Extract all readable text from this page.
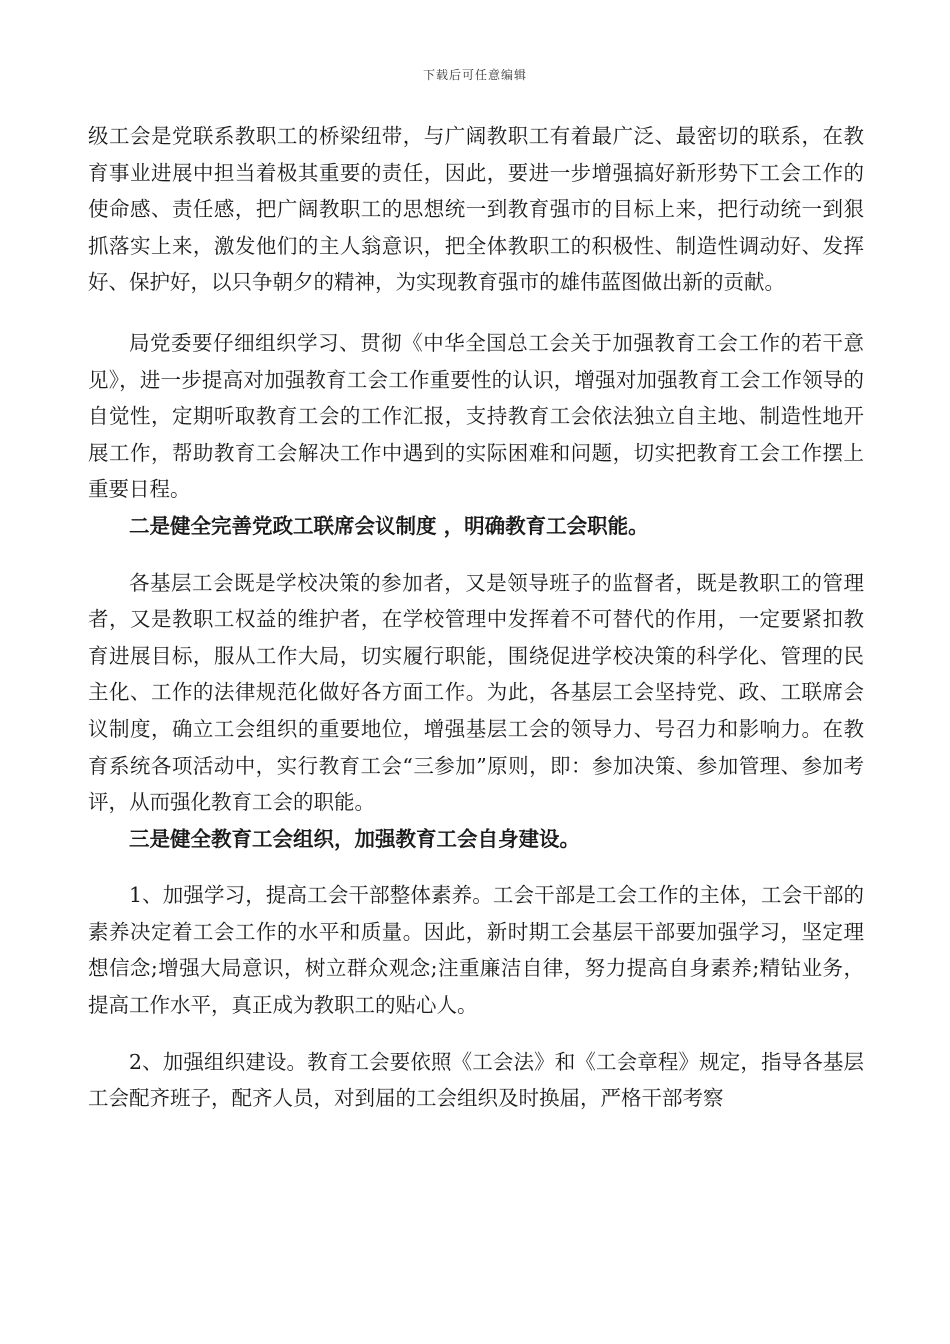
下载后可任意编辑

级工会是党联系教职工的桥梁纽带，与广阔教职工有着最广泛、最密切的联系，在教育事业进展中担当着极其重要的责任，因此，要进一步增强搞好新形势下工会工作的使命感、责任感，把广阔教职工的思想统一到教育强市的目标上来，把行动统一到狠抓落实上来，激发他们的主人翁意识，把全体教职工的积极性、制造性调动好、发挥好、保护好，以只争朝夕的精神，为实现教育强市的雄伟蓝图做出新的贡献。

局党委要仔细组织学习、贯彻《中华全国总工会关于加强教育工会工作的若干意见》，进一步提高对加强教育工会工作重要性的认识，增强对加强教育工会工作领导的自觉性，定期听取教育工会的工作汇报，支持教育工会依法独立自主地、制造性地开展工作，帮助教育工会解决工作中遇到的实际困难和问题，切实把教育工会工作摆上重要日程。

二是健全完善党政工联席会议制度 ，明确教育工会职能。

各基层工会既是学校决策的参加者，又是领导班子的监督者，既是教职工的管理者，又是教职工权益的维护者，在学校管理中发挥着不可替代的作用，一定要紧扣教育进展目标，服从工作大局，切实履行职能，围绕促进学校决策的科学化、管理的民主化、工作的法律规范化做好各方面工作。为此，各基层工会坚持党、政、工联席会议制度，确立工会组织的重要地位，增强基层工会的领导力、号召力和影响力。在教育系统各项活动中，实行教育工会“三参加”原则，即：参加决策、参加管理、参加考评，从而强化教育工会的职能。

三是健全教育工会组织，加强教育工会自身建设。

1、加强学习，提高工会干部整体素养。工会干部是工会工作的主体，工会干部的素养决定着工会工作的水平和质量。因此，新时期工会基层干部要加强学习，坚定理想信念;增强大局意识，树立群众观念;注重廉洁自律，努力提高自身素养;精钻业务，提高工作水平，真正成为教职工的贴心人。

2、加强组织建设。教育工会要依照《工会法》和《工会章程》规定，指导各基层工会配齐班子，配齐人员，对到届的工会组织及时换届，严格干部考察
